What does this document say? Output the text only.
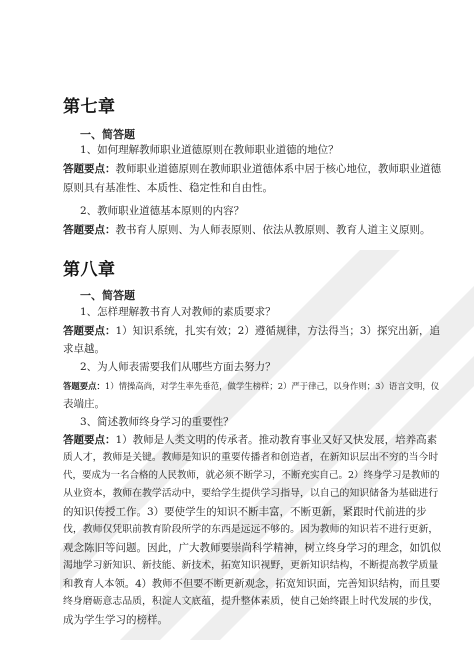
第七章
一、简答题
1、如何理解教师职业道德原则在教师职业道德的地位？
答题要点：教师职业道德原则在教师职业道德体系中居于核心地位，教师职业道德
原则具有基准性、本质性、稳定性和自由性。
2、教师职业道德基本原则的内容？
答题要点：教书育人原则、为人师表原则、依法从教原则、教育人道主义原则。
第八章
一、简答题
1、怎样理解教书育人对教师的素质要求？
答题要点：1）知识系统，扎实有效；2）遵循规律，方法得当；3）探究出新，追
求卓越。
2、为人师表需要我们从哪些方面去努力？
答题要点：1）情操高尚，对学生率先垂范，做学生榜样；2）严于律己，以身作则；3）语言文明，仪
表端庄。
3、简述教师终身学习的重要性？
答题要点：1）教师是人类文明的传承者。推动教育事业又好又快发展，培养高素
质人才，教师是关键。教师是知识的重要传播者和创造者，在新知识层出不穷的当今时
代，要成为一名合格的人民教师，就必须不断学习，不断充实自己。2）终身学习是教师的
从业资本，教师在教学活动中，要给学生提供学习指导，以自己的知识储备为基础进行
的知识传授工作。3）要使学生的知识不断丰富，不断更新，紧跟时代前进的步
伐，教师仅凭职前教育阶段所学的东西是远远不够的。因为教师的知识若不进行更新，
观念陈旧等问题。因此，广大教师要崇尚科学精神，树立终身学习的理念，如饥似
渴地学习新知识、新技能、新技术，拓宽知识视野，更新知识结构，不断提高教学质量
和教育人本领。4）教师不但要不断更新观念，拓宽知识面，完善知识结构，而且要
终身磨砺意志品质，积淀人文底蕴，提升整体素质，使自己始终跟上时代发展的步伐，
成为学生学习的榜样。
